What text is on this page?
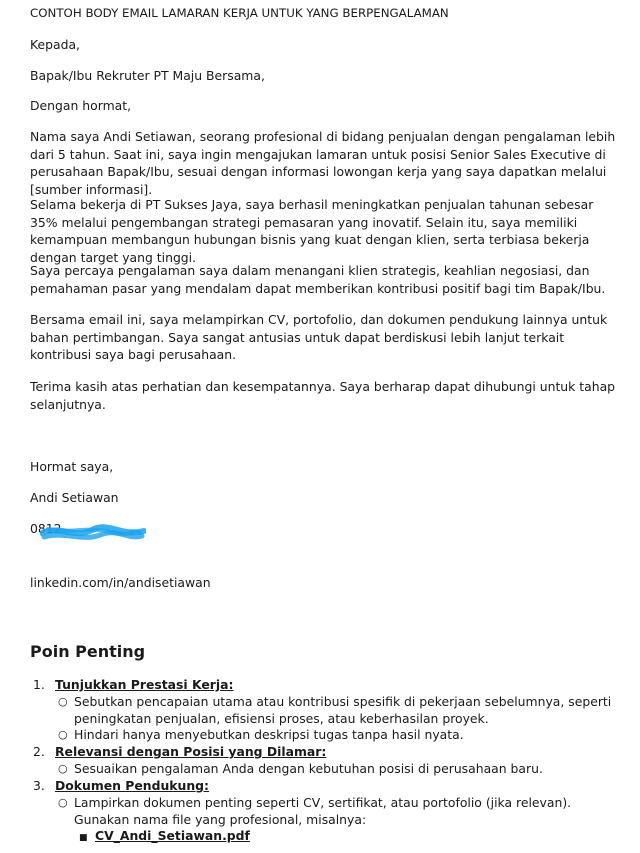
CONTOH BODY EMAIL LAMARAN KERJA UNTUK YANG BERPENGALAMAN
Kepada,
Bapak/Ibu Rekruter PT Maju Bersama,
Dengan hormat,
Nama saya Andi Setiawan, seorang profesional di bidang penjualan dengan pengalaman lebih dari 5 tahun. Saat ini, saya ingin mengajukan lamaran untuk posisi Senior Sales Executive di perusahaan Bapak/Ibu, sesuai dengan informasi lowongan kerja yang saya dapatkan melalui [sumber informasi].
Selama bekerja di PT Sukses Jaya, saya berhasil meningkatkan penjualan tahunan sebesar 35% melalui pengembangan strategi pemasaran yang inovatif. Selain itu, saya memiliki kemampuan membangun hubungan bisnis yang kuat dengan klien, serta terbiasa bekerja dengan target yang tinggi.
Saya percaya pengalaman saya dalam menangani klien strategis, keahlian negosiasi, dan pemahaman pasar yang mendalam dapat memberikan kontribusi positif bagi tim Bapak/Ibu.
Bersama email ini, saya melampirkan CV, portofolio, dan dokumen pendukung lainnya untuk bahan pertimbangan. Saya sangat antusias untuk dapat berdiskusi lebih lanjut terkait kontribusi saya bagi perusahaan.
Terima kasih atas perhatian dan kesempatannya. Saya berharap dapat dihubungi untuk tahap selanjutnya.
Hormat saya,
Andi Setiawan
0812
linkedin.com/in/andisetiawan
Poin Penting
1. Tunjukkan Prestasi Kerja:
○ Sebutkan pencapaian utama atau kontribusi spesifik di pekerjaan sebelumnya, seperti peningkatan penjualan, efisiensi proses, atau keberhasilan proyek.
○ Hindari hanya menyebutkan deskripsi tugas tanpa hasil nyata.
2. Relevansi dengan Posisi yang Dilamar:
○ Sesuaikan pengalaman Anda dengan kebutuhan posisi di perusahaan baru.
3. Dokumen Pendukung:
○ Lampirkan dokumen penting seperti CV, sertifikat, atau portofolio (jika relevan). Gunakan nama file yang profesional, misalnya:
■ CV_Andi_Setiawan.pdf
